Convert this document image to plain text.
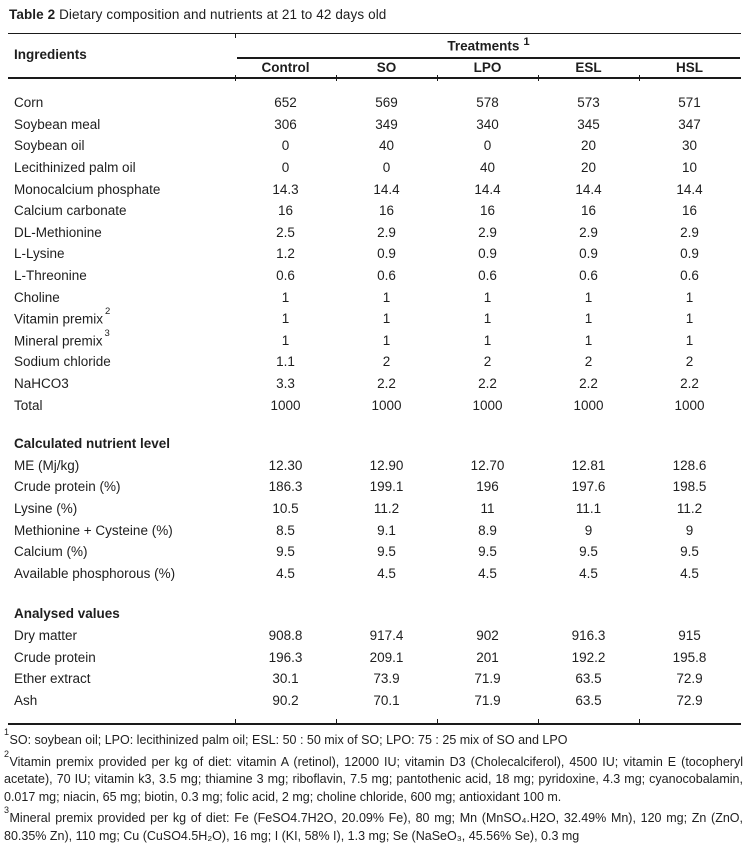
Table 2 Dietary composition and nutrients at 21 to 42 days old
Ingredients
Treatments $^1$
Control	SO	LPO	ESL	HSL
Corn	652	569	578	573	571
Soybean meal	306	349	340	345	347
Soybean oil	0	40	0	20	30
Lecithinized palm oil	0	0	40	20	10
Monocalcium phosphate	14.3	14.4	14.4	14.4	14.4
Calcium carbonate	16	16	16	16	16
DL-Methionine	2.5	2.9	2.9	2.9	2.9
L-Lysine	1.2	0.9	0.9	0.9	0.9
L-Threonine	0.6	0.6	0.6	0.6	0.6
Choline	1	1	1	1	1
Vitamin premix $^2$	1	1	1	1	1
Mineral premix $^3$	1	1	1	1	1
Sodium chloride	1.1	2	2	2	2
NaHCO3	3.3	2.2	2.2	2.2	2.2
Total	1000	1000	1000	1000	1000
Calculated nutrient level
ME (Mj/kg)	12.30	12.90	12.70	12.81	128.6
Crude protein (%)	186.3	199.1	196	197.6	198.5
Lysine (%)	10.5	11.2	11	11.1	11.2
Methionine + Cysteine (%)	8.5	9.1	8.9	9	9
Calcium (%)	9.5	9.5	9.5	9.5	9.5
Available phosphorous (%)	4.5	4.5	4.5	4.5	4.5
Analysed values
Dry matter	908.8	917.4	902	916.3	915
Crude protein	196.3	209.1	201	192.2	195.8
Ether extract	30.1	73.9	71.9	63.5	72.9
Ash	90.2	70.1	71.9	63.5	72.9
$^1$SO: soybean oil; LPO: lecithinized palm oil; ESL: 50 : 50 mix of SO; LPO: 75 : 25 mix of SO and LPO
$^2$Vitamin premix provided per kg of diet: vitamin A (retinol), 12000 IU; vitamin D3 (Cholecalciferol), 4500 IU; vitamin E (tocopheryl acetate), 70 IU; vitamin k3, 3.5 mg; thiamine 3 mg; riboflavin, 7.5 mg; pantothenic acid, 18 mg; pyridoxine, 4.3 mg; cyanocobalamin, 0.017 mg; niacin, 65 mg; biotin, 0.3 mg; folic acid, 2 mg; choline chloride, 600 mg; antioxidant 100 m.
$^3$Mineral premix provided per kg of diet: Fe (FeSO4.7H2O, 20.09% Fe), 80 mg; Mn (MnSO₄.H2O, 32.49% Mn), 120 mg; Zn (ZnO, 80.35% Zn), 110 mg; Cu (CuSO4.5H₂O), 16 mg; I (KI, 58% I), 1.3 mg; Se (NaSeO₃, 45.56% Se), 0.3 mg
